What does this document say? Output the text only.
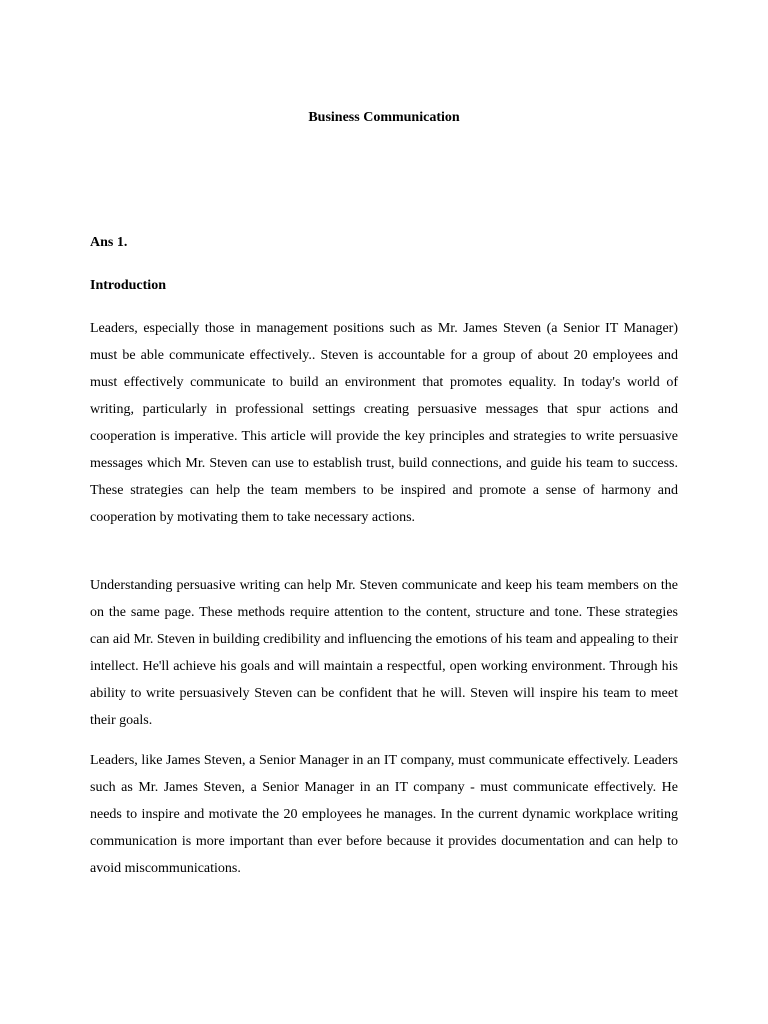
Business Communication
Ans 1.
Introduction

Leaders, especially those in management positions such as Mr. James Steven (a Senior IT Manager) must be able communicate effectively.. Steven is accountable for a group of about 20 employees and must effectively communicate to build an environment that promotes equality. In today's world of writing, particularly in professional settings creating persuasive messages that spur actions and cooperation is imperative. This article will provide the key principles and strategies to write persuasive messages which Mr. Steven can use to establish trust, build connections, and guide his team to success. These strategies can help the team members to be inspired and promote a sense of harmony and cooperation by motivating them to take necessary actions.

Understanding persuasive writing can help Mr. Steven communicate and keep his team members on the on the same page. These methods require attention to the content, structure and tone. These strategies can aid Mr. Steven in building credibility and influencing the emotions of his team and appealing to their intellect. He'll achieve his goals and will maintain a respectful, open working environment. Through his ability to write persuasively Steven can be confident that he will. Steven will inspire his team to meet their goals.

Leaders, like James Steven, a Senior Manager in an IT company, must communicate effectively. Leaders such as Mr. James Steven, a Senior Manager in an IT company - must communicate effectively. He needs to inspire and motivate the 20 employees he manages. In the current dynamic workplace writing communication is more important than ever before because it provides documentation and can help to avoid miscommunications.
